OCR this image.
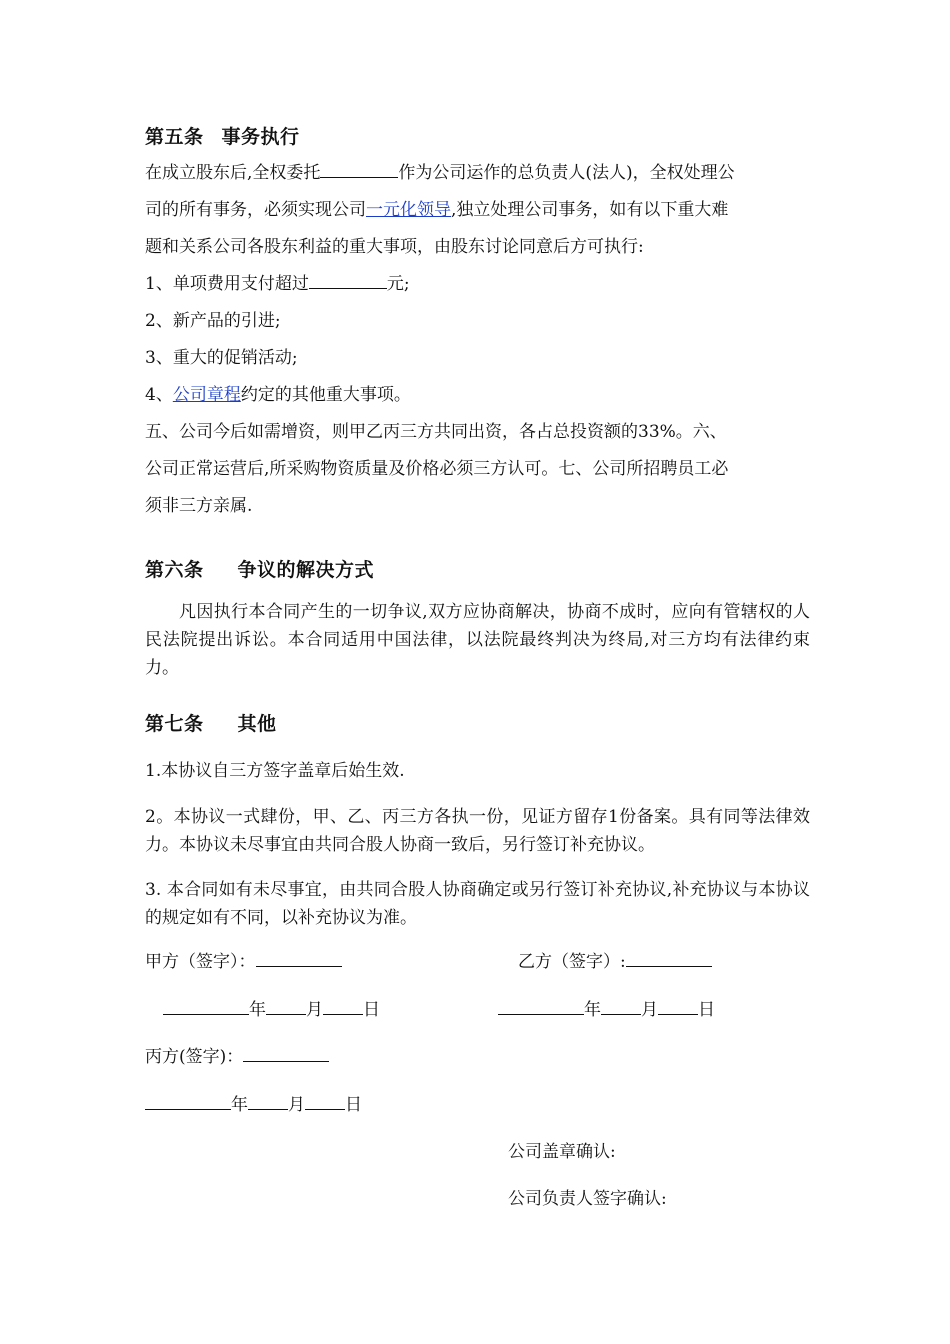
第五条 事务执行
在成立股东后,全权委托	作为公司运作的总负责人(法人)，全权处理公
司的所有事务，必须实现公司一元化领导,独立处理公司事务，如有以下重大难
题和关系公司各股东利益的重大事项，由股东讨论同意后方可执行:
1、单项费用支付超过	元;
2、新产品的引进;
3、重大的促销活动;
4、公司章程约定的其他重大事项。
五、公司今后如需增资，则甲乙丙三方共同出资，各占总投资额的33%。六、
公司正常运营后,所采购物资质量及价格必须三方认可。七、公司所招聘员工必
须非三方亲属.
第六条 争议的解决方式
凡因执行本合同产生的一切争议,双方应协商解决，协商不成时，应向有管辖权的人民法院提出诉讼。本合同适用中国法律，以法院最终判决为终局,对三方均有法律约束力。
第七条 其他
1.本协议自三方签字盖章后始生效.
2。本协议一式肆份，甲、乙、丙三方各执一份，见证方留存1份备案。具有同等法律效力。本协议未尽事宜由共同合股人协商一致后，另行签订补充协议。
3. 本合同如有未尽事宜，由共同合股人协商确定或另行签订补充协议,补充协议与本协议的规定如有不同，以补充协议为准。
甲方（签字）：	乙方（签字）:
年 月 日	年 月 日
丙方(签字)：
年 月 日
公司盖章确认:
公司负责人签字确认:
